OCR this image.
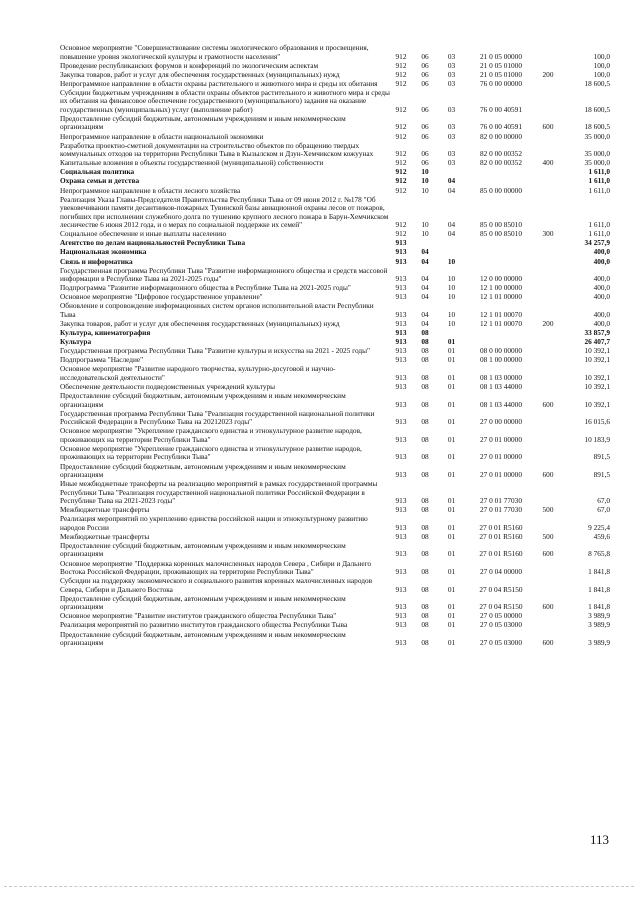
Основное мероприятие "Совершенствование системы экологического образования и просвещения, повышение уровня экологической культуры и грамотности населения"	912	06	03	21 0 05 00000		100,0
Проведение республиканских форумов и конференций по экологическим аспектам	912	06	03	21 0 05 01000		100,0
Закупка товаров, работ и услуг для обеспечения государственных (муниципальных) нужд	912	06	03	21 0 05 01000	200	100,0
Непрограммное направление в области охраны растительного и животного мира и среды их обитания	912	06	03	76 0 00 00000		18 600,5
Субсидии бюджетным учреждениям в области охраны объектов растительного и животного мира и среды их обитания на финансовое обеспечение государственного (муниципального) задания на оказание государственных (муниципальных) услуг (выполнение работ)	912	06	03	76 0 00 40591		18 600,5
Предоставление субсидий бюджетным, автономным учреждениям и иным некоммерческим организациям	912	06	03	76 0 00 40591	600	18 600,5
Непрограммное направление в области национальной экономики	912	06	03	82 0 00 00000		35 000,0
Разработка проектно-сметной документации на строительство объектов по обращению твердых коммунальных отходов на территории Республики Тыва в Кызылском и Дзун-Хемчикском кожуунах	912	06	03	82 0 00 00352		35 000,0
Капитальные вложения в объекты государственной (муниципальной) собственности	912	06	03	82 0 00 00352	400	35 000,0
Социальная политика	912	10				1 611,0
Охрана семьи и детства	912	10	04			1 611,0
Непрограммное направление в области лесного хозяйства	912	10	04	85 0 00 00000		1 611,0
Реализация Указа Главы-Председателя Правительства Республики Тыва от 09 июня 2012 г. №178 "Об увековечивании памяти десантников-пожарных Тувинской базы авиационной охраны лесов от пожаров, погибших при исполнении служебного долга по тушению крупного лесного пожара в Барун-Хемчикском лесничестве 6 июня 2012 года, и о мерах по социальной поддержке их семей"	912	10	04	85 0 00 85010		1 611,0
Социальное обеспечение и иные выплаты населению	912	10	04	85 0 00 85010	300	1 611,0
Агентство по делам национальностей Республики Тыва	913					34 257,9
Национальная экономика	913	04				400,0
Связь и информатика	913	04	10			400,0
Государственная программа Республики Тыва "Развитие информационного общества и средств массовой информации в Республике Тыва на 2021-2025 годы"	913	04	10	12 0 00 00000		400,0
Подпрограмма "Развитие информационного общества в Республике Тыва на 2021-2025 годы"	913	04	10	12 1 00 00000		400,0
Основное мероприятие "Цифровое государственное управление"	913	04	10	12 1 01 00000		400,0
Обновление и сопровождение информационных систем органов исполнительной власти Республики Тыва	913	04	10	12 1 01 00070		400,0
Закупка товаров, работ и услуг для обеспечения государственных (муниципальных) нужд	913	04	10	12 1 01 00070	200	400,0
Культура, кинематография	913	08				33 857,9
Культура	913	08	01			26 407,7
Государственная программа Республики Тыва "Развитие культуры и искусства на 2021 - 2025 годы"	913	08	01	08 0 00 00000		10 392,1
Подпрограмма "Наследие"	913	08	01	08 1 00 00000		10 392,1
Основное мероприятие "Развитие народного творчества, культурно-досуговой и научно-исследовательской деятельности"	913	08	01	08 1 03 00000		10 392,1
Обеспечение деятельности подведомственных учреждений культуры	913	08	01	08 1 03 44000		10 392,1
Предоставление субсидий бюджетным, автономным учреждениям и иным некоммерческим организациям	913	08	01	08 1 03 44000	600	10 392,1
Государственная программа Республики Тыва "Реализация государственной национальной политики Российской Федерации в Республике Тыва на 20212023 годы"	913	08	01	27 0 00 00000		16 015,6
Основное мероприятие "Укрепление гражданского единства и этнокультурное развитие народов, проживающих на территории Республики Тыва"	913	08	01	27 0 01 00000		10 183,9
Основное мероприятие "Укрепление гражданского единства и этнокультурное развитие народов, проживающих на территории Республики Тыва"	913	08	01	27 0 01 00000		891,5
Предоставление субсидий бюджетным, автономным учреждениям и иным некоммерческим организациям	913	08	01	27 0 01 00000	600	891,5
Иные межбюджетные трансферты на реализацию мероприятий в рамках государственной программы Республики Тыва "Реализация государственной национальной политики Российской Федерации в Республике Тыва на 2021-2023 годы"	913	08	01	27 0 01 77030		67,0
Межбюджетные трансферты	913	08	01	27 0 01 77030	500	67,0
Реализация мероприятий по укреплению единства российской нации и этнокультурному развитию народов России	913	08	01	27 0 01 R5160		9 225,4
Межбюджетные трансферты	913	08	01	27 0 01 R5160	500	459,6
Предоставление субсидий бюджетным, автономным учреждениям и иным некоммерческим организациям	913	08	01	27 0 01 R5160	600	8 765,8
Основное мероприятие "Поддержка коренных малочисленных народов Севера , Сибири и Дальнего Востока Российской Федерации, проживающих на территории Республики Тыва"	913	08	01	27 0 04 00000		1 841,8
Субсидии на поддержку экономического и социального развития коренных малочисленных народов Севера, Сибири и Дальнего Востока	913	08	01	27 0 04 R5150		1 841,8
Предоставление субсидий бюджетным, автономным учреждениям и иным некоммерческим организациям	913	08	01	27 0 04 R5150	600	1 841,8
Основное мероприятие "Развитие институтов гражданского общества Республики Тыва"	913	08	01	27 0 05 00000		3 989,9
Реализация мероприятий по развитию институтов гражданского общества Республики Тыва	913	08	01	27 0 05 03000		3 989,9
Предоставление субсидий бюджетным, автономным учреждениям и иным некоммерческим организациям	913	08	01	27 0 05 03000	600	3 989,9
113
